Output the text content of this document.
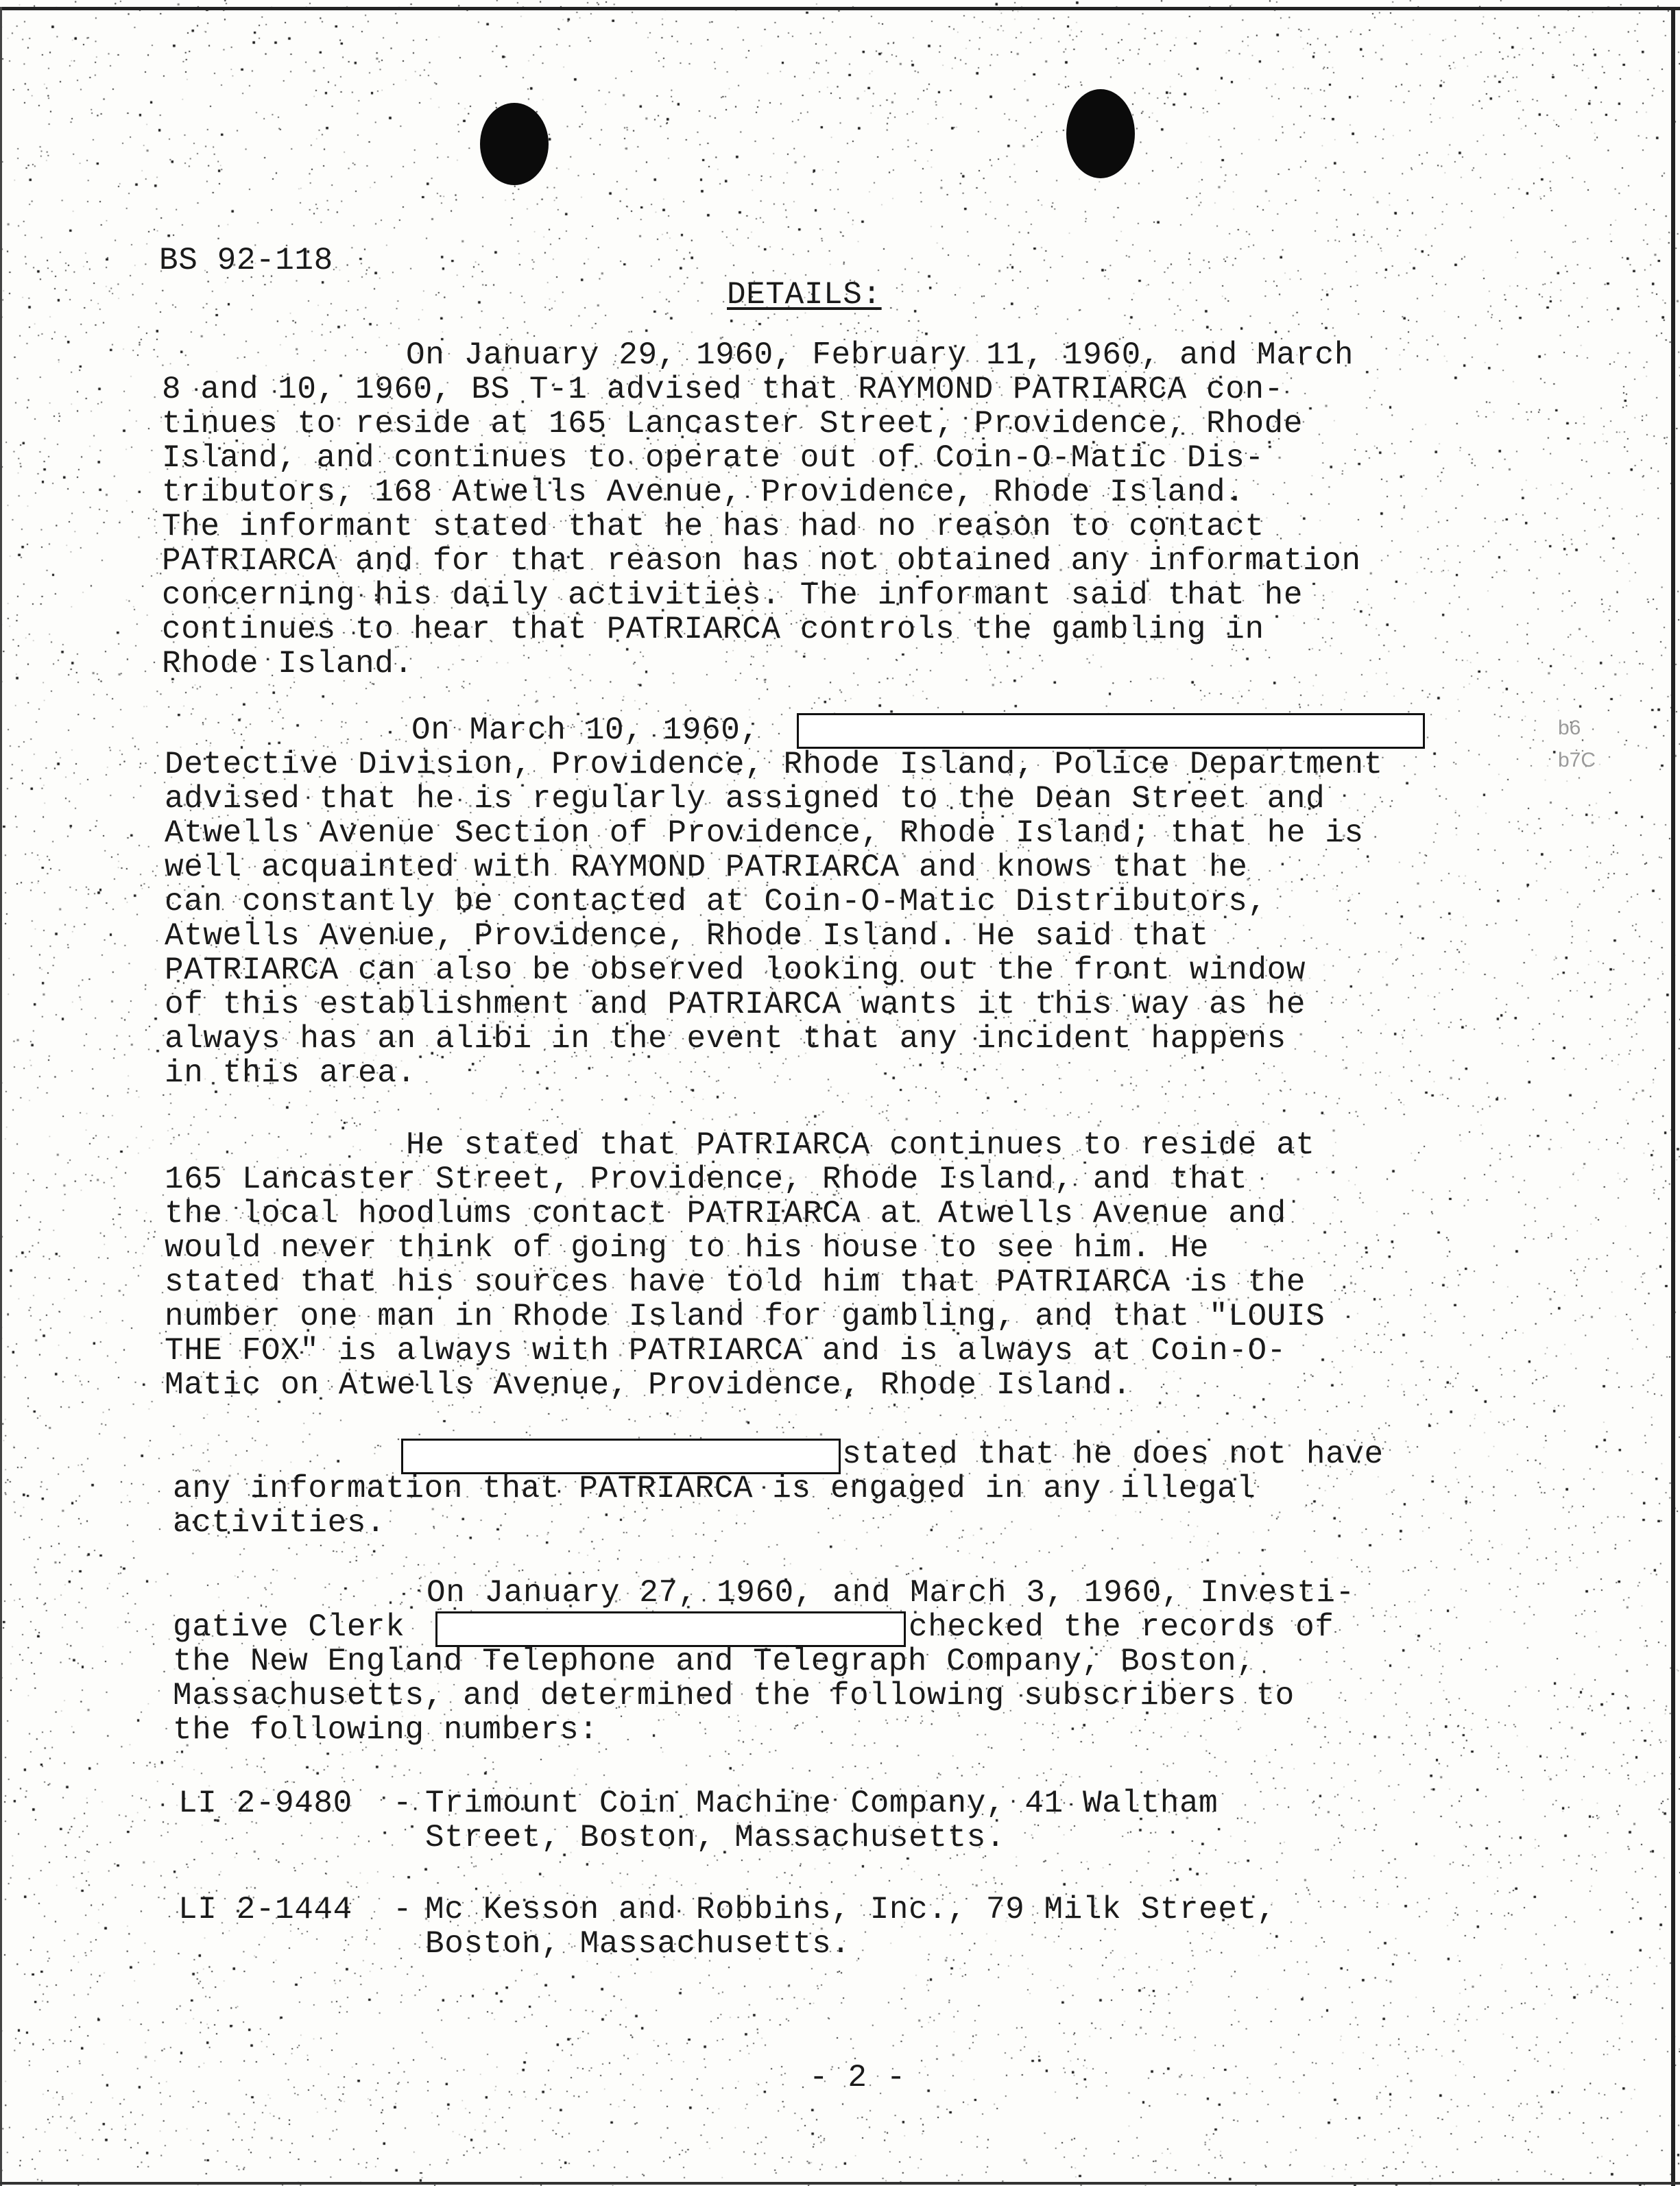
BS 92-118
DETAILS:
On January 29, 1960, February 11, 1960, and March
8 and 10, 1960, BS T-1 advised that RAYMOND PATRIARCA con-
tinues to reside at 165 Lancaster Street, Providence, Rhode
Island, and continues to operate out of Coin-O-Matic Dis-
tributors, 168 Atwells Avenue, Providence, Rhode Island.
The informant stated that he has had no reason to contact
PATRIARCA and for that reason has not obtained any information
concerning his daily activities. The informant said that he
continues to hear that PATRIARCA controls the gambling in
Rhode Island.
On March 10, 1960,	b6
b7C
Detective Division, Providence, Rhode Island, Police Department
advised that he is regularly assigned to the Dean Street and
Atwells Avenue Section of Providence, Rhode Island; that he is
well acquainted with RAYMOND PATRIARCA and knows that he
can constantly be contacted at Coin-O-Matic Distributors,
Atwells Avenue, Providence, Rhode Island. He said that
PATRIARCA can also be observed looking out the front window
of this establishment and PATRIARCA wants it this way as he
always has an alibi in the event that any incident happens
in this area.
He stated that PATRIARCA continues to reside at
165 Lancaster Street, Providence, Rhode Island, and that
the local hoodlums contact PATRIARCA at Atwells Avenue and
would never think of going to his house to see him. He
stated that his sources have told him that PATRIARCA is the
number one man in Rhode Island for gambling, and that "LOUIS
THE FOX" is always with PATRIARCA and is always at Coin-O-
Matic on Atwells Avenue, Providence, Rhode Island.
stated that he does not have
any information that PATRIARCA is engaged in any illegal
activities.
On January 27, 1960, and March 3, 1960, Investi-
gative Clerk	checked the records of
the New England Telephone and Telegraph Company, Boston,
Massachusetts, and determined the following subscribers to
the following numbers:
LI 2-9480 - Trimount Coin Machine Company, 41 Waltham
Street, Boston, Massachusetts.
LI 2-1444 - Mc Kesson and Robbins, Inc., 79 Milk Street,
Boston, Massachusetts.
- 2 -
